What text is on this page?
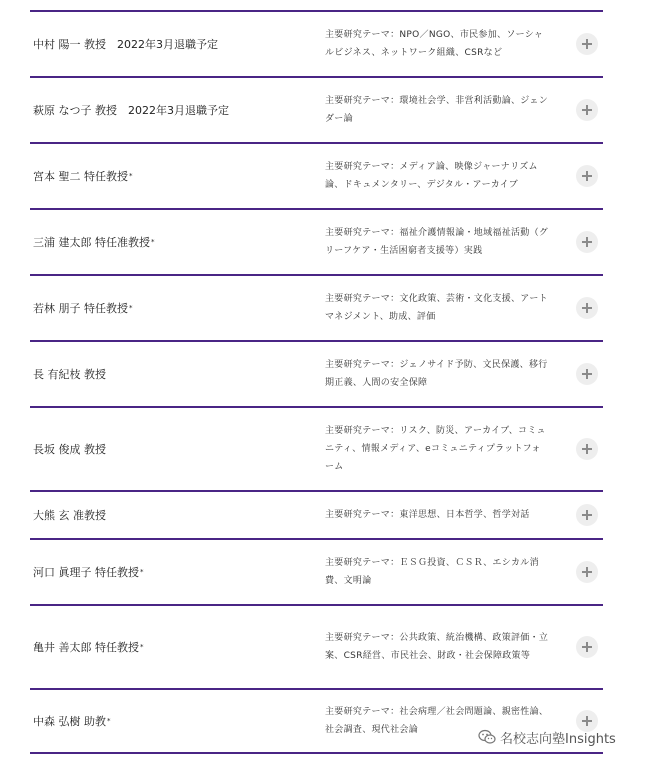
中村 陽一 教授　2022年3月退職予定
主要研究テーマ：NPO／NGO、市民参加、ソーシャルビジネス、ネットワーク組織、CSRなど
萩原 なつ子 教授　2022年3月退職予定
主要研究テーマ：環境社会学、非営利活動論、ジェンダー論
宮本 聖二 特任教授 *
主要研究テーマ：メディア論、映像ジャーナリズム論、ドキュメンタリー、デジタル・アーカイブ
三浦 建太郎 特任准教授 *
主要研究テーマ：福祉介護情報論・地域福祉活動（グリーフケア・生活困窮者支援等）実践
若林 朋子 特任教授 *
主要研究テーマ：文化政策、芸術・文化支援、アートマネジメント、助成、評価
長 有紀枝 教授
主要研究テーマ：ジェノサイド予防、文民保護、移行期正義、人間の安全保障
長坂 俊成 教授
主要研究テーマ：リスク、防災、アーカイブ、コミュニティ、情報メディア、eコミュニティプラットフォーム
大熊 玄 准教授	主要研究テーマ：東洋思想、日本哲学、哲学対話
河口 眞理子 特任教授 *
主要研究テーマ：ＥＳＧ投資、ＣＳＲ、エシカル消費、文明論
亀井 善太郎 特任教授 *
主要研究テーマ：公共政策、統治機構、政策評価・立案、CSR経営、市民社会、財政・社会保障政策等
中森 弘樹 助教 *
主要研究テーマ：社会病理／社会問題論、親密性論、社会調査、現代社会論
名校志向塾Insights
